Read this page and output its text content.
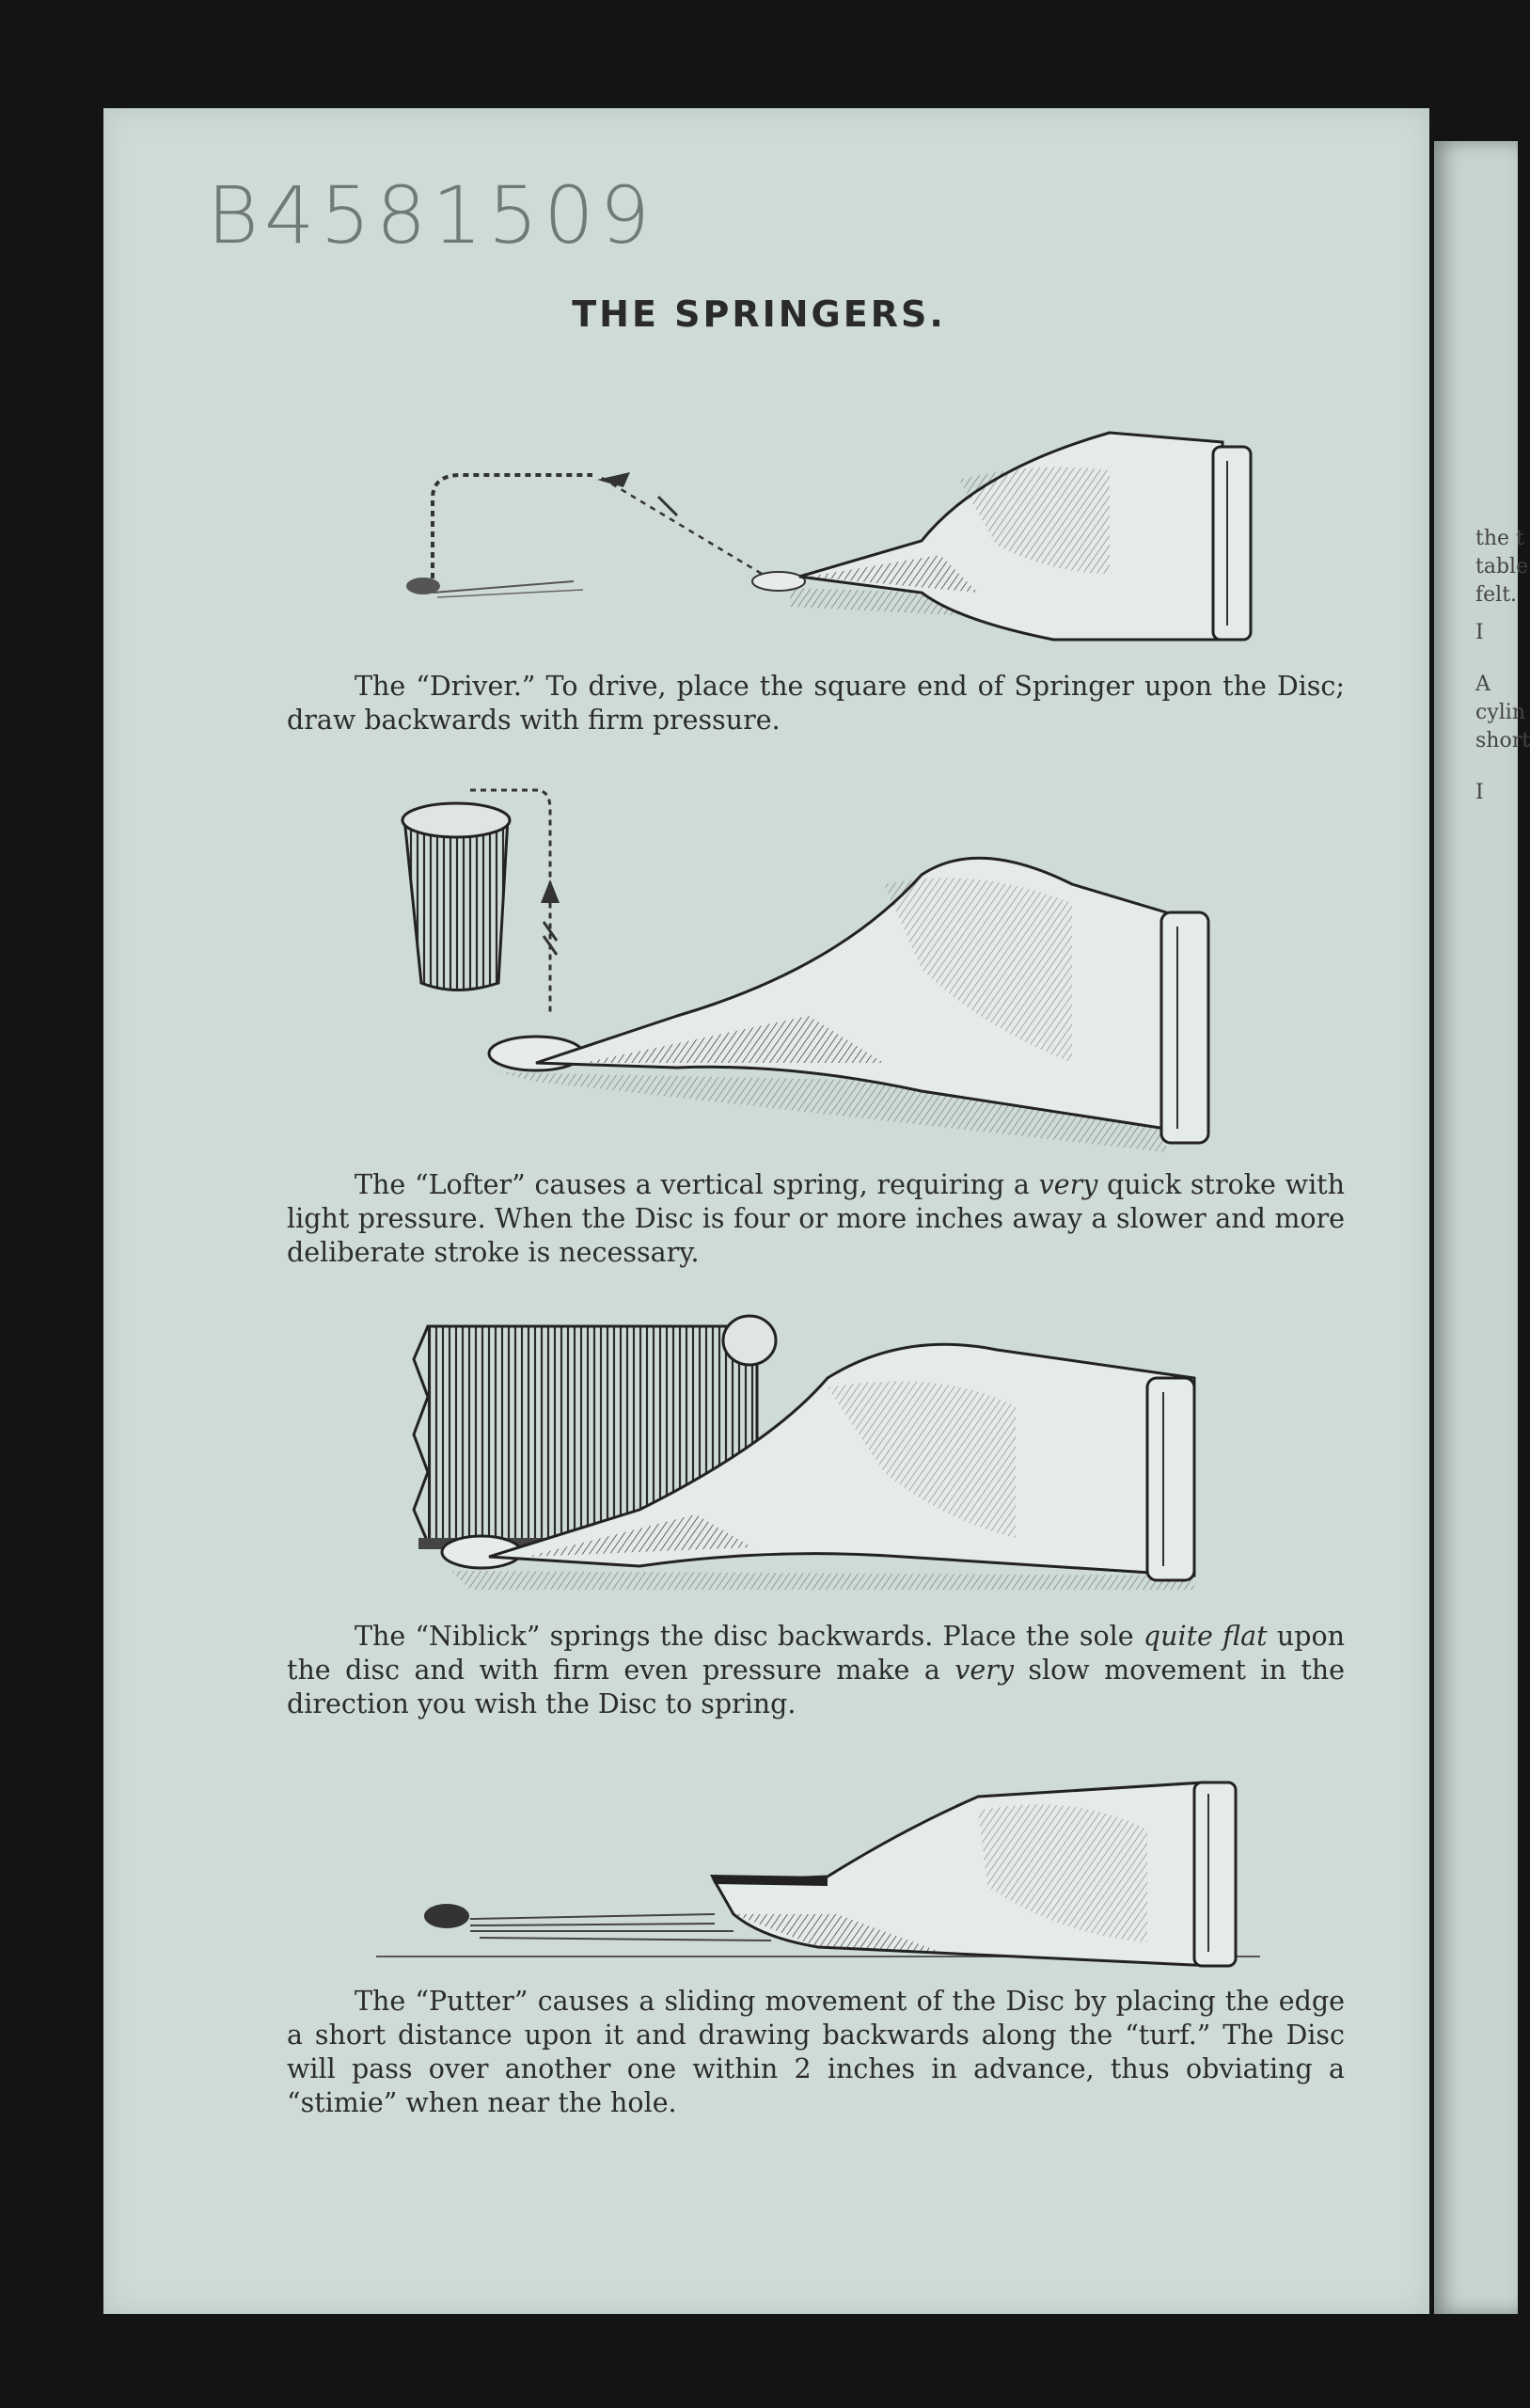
the t
table
felt.
I
A
cylin
short
I
B4581509
THE SPRINGERS.
The “Driver.” To drive, place the square end of Springer upon the Disc; draw backwards with firm pressure.
The “Lofter” causes a vertical spring, requiring a very quick stroke with light pressure. When the Disc is four or more inches away a slower and more deliberate stroke is necessary.
The “Niblick” springs the disc backwards. Place the sole quite flat upon the disc and with firm even pressure make a very slow movement in the direction you wish the Disc to spring.
The “Putter” causes a sliding movement of the Disc by placing the edge a short distance upon it and drawing backwards along the “turf.” The Disc will pass over another one within 2 inches in advance, thus obviating a “stimie” when near the hole.
